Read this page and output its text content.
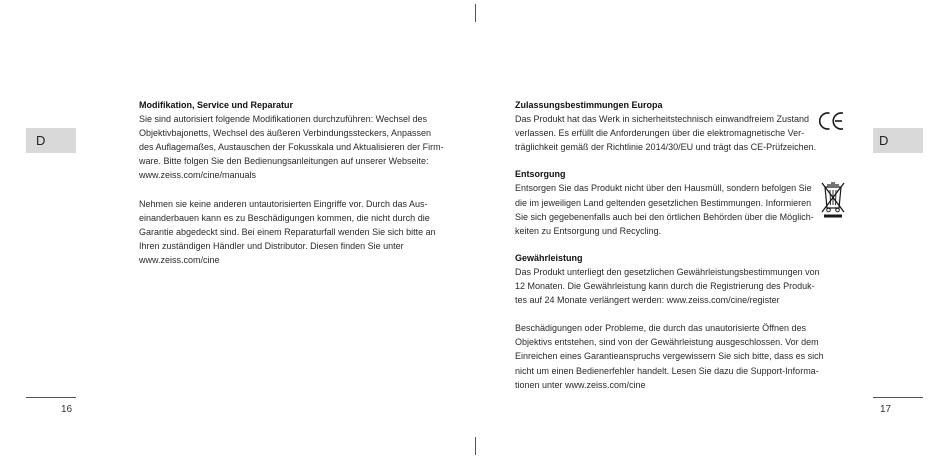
D	D
16	17
Modifikation, Service und Reparatur
Sie sind autorisiert folgende Modifikationen durchzuführen: Wechsel des
Objektivbajonetts, Wechsel des äußeren Verbindungssteckers, Anpassen
des Auflagemaßes, Austauschen der Fokusskala und Aktualisieren der Firm-
ware. Bitte folgen Sie den Bedienungsanleitungen auf unserer Webseite:
www.zeiss.com/cine/manuals
Nehmen sie keine anderen untautorisierten Eingriffe vor. Durch das Aus-
einanderbauen kann es zu Beschädigungen kommen, die nicht durch die
Garantie abgedeckt sind. Bei einem Reparaturfall wenden Sie sich bitte an
Ihren zuständigen Händler und Distributor. Diesen finden Sie unter
www.zeiss.com/cine
Zulassungsbestimmungen Europa
Das Produkt hat das Werk in sicherheitstechnisch einwandfreiem Zustand
verlassen. Es erfüllt die Anforderungen über die elektromagnetische Ver-
träglichkeit gemäß der Richtlinie 2014/30/EU und trägt das CE-Prüfzeichen.
Entsorgung
Entsorgen Sie das Produkt nicht über den Hausmüll, sondern befolgen Sie
die im jeweiligen Land geltenden gesetzlichen Bestimmungen. Informieren
Sie sich gegebenenfalls auch bei den örtlichen Behörden über die Möglich-
keiten zu Entsorgung und Recycling.
Gewährleistung
Das Produkt unterliegt den gesetzlichen Gewährleistungsbestimmungen von
12 Monaten. Die Gewährleistung kann durch die Registrierung des Produk-
tes auf 24 Monate verlängert werden: www.zeiss.com/cine/register
Beschädigungen oder Probleme, die durch das unautorisierte Öffnen des
Objektivs entstehen, sind von der Gewährleistung ausgeschlossen. Vor dem
Einreichen eines Garantieanspruchs vergewissern Sie sich bitte, dass es sich
nicht um einen Bedienerfehler handelt. Lesen Sie dazu die Support-Informa-
tionen unter www.zeiss.com/cine
